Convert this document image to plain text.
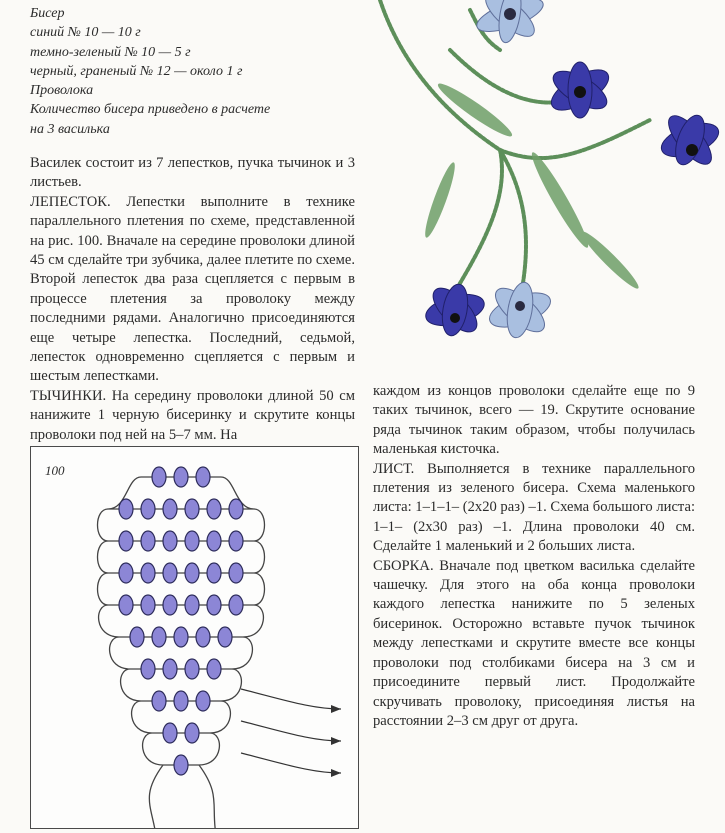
Бисер
синий № 10 — 10 г
темно-зеленый № 10 — 5 г
черный, граненый № 12 — около 1 г
Проволока
Количество бисера приведено в расчете
на 3 василька

Василек состоит из 7 лепестков, пучка тычинок и 3 листьев.

ЛЕПЕСТОК. Лепестки выполните в технике параллельного плетения по схеме, представленной на рис. 100. Вначале на середине проволоки длиной 45 см сделайте три зубчика, далее плетите по схеме. Второй лепесток два раза сцепляется с первым в процессе плетения за проволоку между последними рядами. Аналогично присоединяются еще четыре лепестка. Последний, седьмой, лепесток одновременно сцепляется с первым и шестым лепестками.

ТЫЧИНКИ. На середину проволоки длиной 50 см нанижите 1 черную бисеринку и скрутите концы проволоки под ней на 5–7 мм. На

каждом из концов проволоки сделайте еще по 9 таких тычинок, всего — 19. Скрутите основание ряда тычинок таким образом, чтобы получилась маленькая кисточка.

ЛИСТ. Выполняется в технике параллельного плетения из зеленого бисера. Схема маленького листа: 1–1–1– (2х20 раз) –1. Схема большого листа: 1–1– (2х30 раз) –1. Длина проволоки 40 см. Сделайте 1 маленький и 2 больших листа.

СБОРКА. Вначале под цветком василька сделайте чашечку. Для этого на оба конца проволоки каждого лепестка нанижите по 5 зеленых бисеринок. Осторожно вставьте пучок тычинок между лепестками и скрутите вместе все концы проволоки под столбиками бисера на 3 см и присоедините первый лист. Продолжайте скручивать проволоку, присоединяя листья на расстоянии 2–3 см друг от друга.

100
